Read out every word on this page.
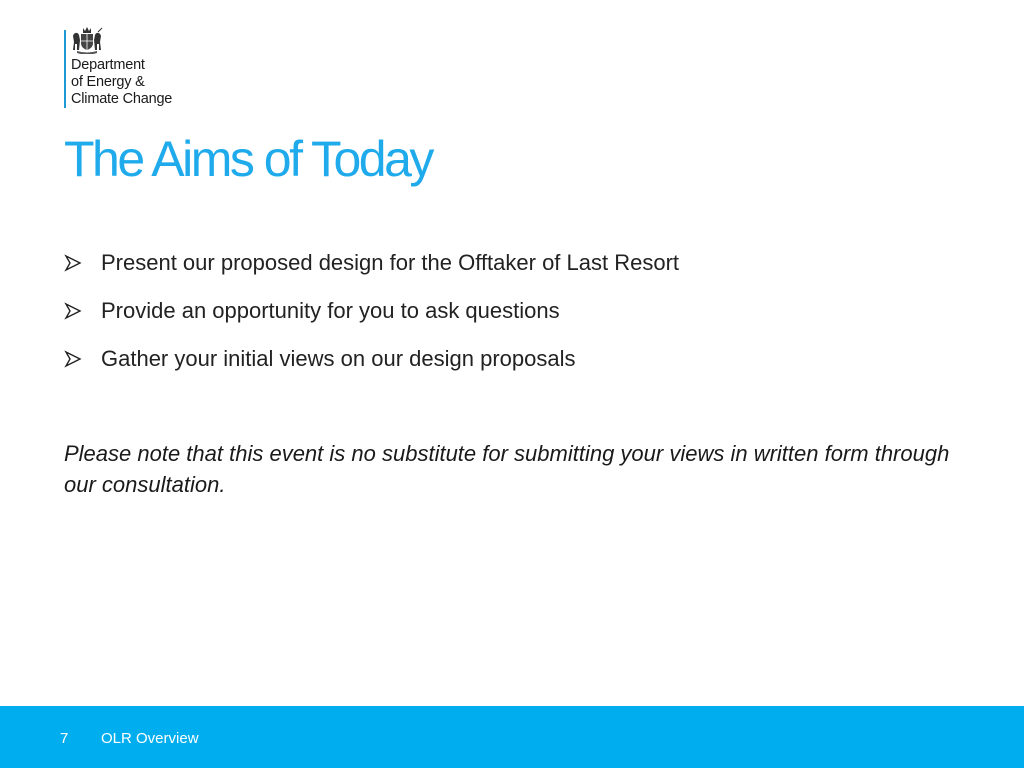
Department
of Energy &
Climate Change
The Aims of Today
Present our proposed design for the Offtaker of Last Resort
Provide an opportunity for you to ask questions
Gather your initial views on our design proposals

Please note that this event is no substitute for submitting your views in written form through our consultation.

7 OLR Overview
